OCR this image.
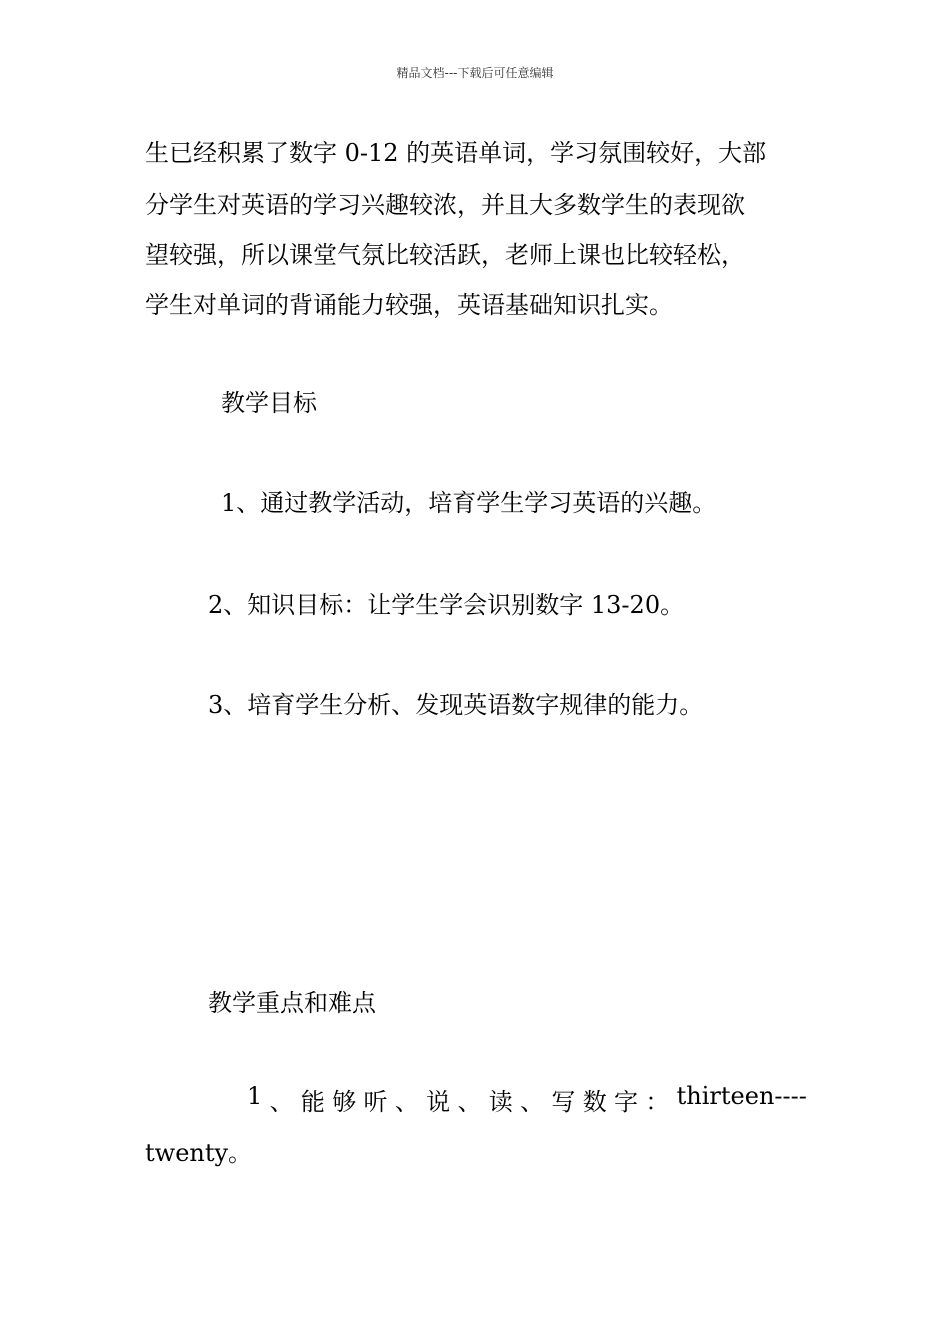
精品文档---下载后可任意编辑
生已经积累了数字 0-12 的英语单词，学习氛围较好，大部
分学生对英语的学习兴趣较浓，并且大多数学生的表现欲
望较强，所以课堂气氛比较活跃，老师上课也比较轻松，
学生对单词的背诵能力较强，英语基础知识扎实。
教学目标
1、通过教学活动，培育学生学习英语的兴趣。
2、知识目标：让学生学会识别数字 13-20。
3、培育学生分析、发现英语数字规律的能力。
教学重点和难点
1 、 能 够 听 、 说 、 读 、 写 数 字 ： thirteen----
twenty。
